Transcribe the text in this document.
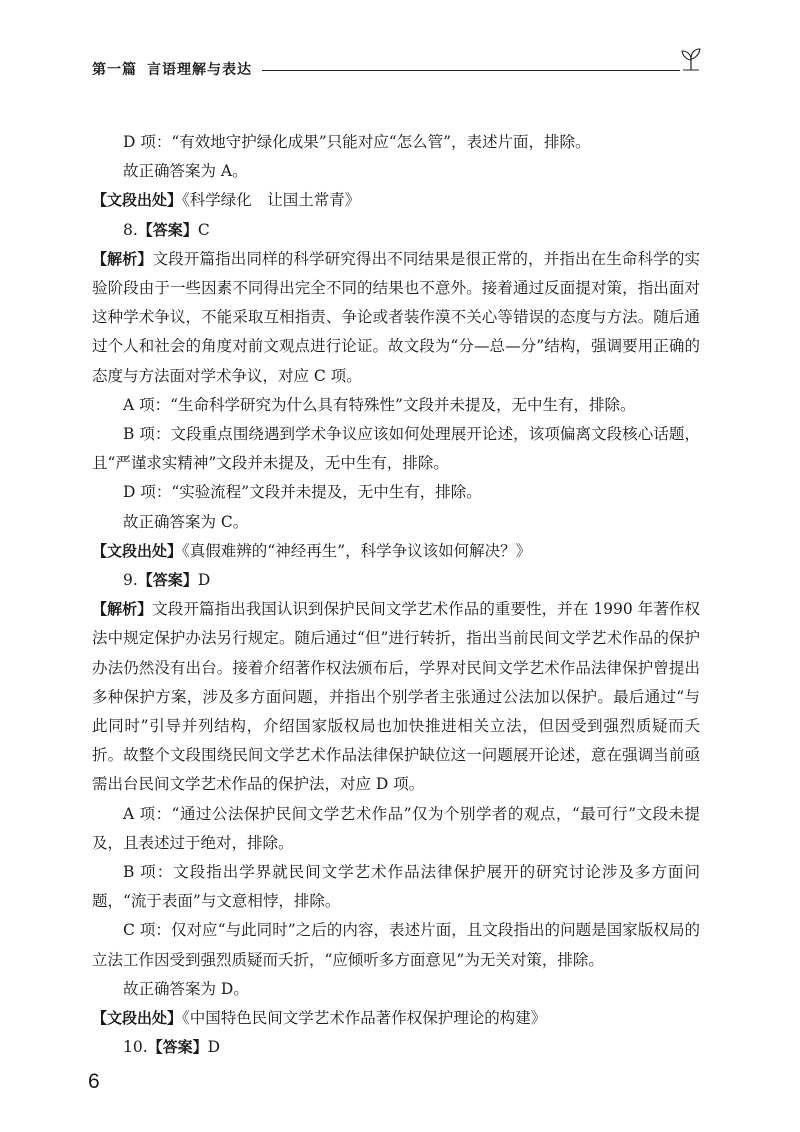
第一篇 言语理解与表达

D 项：“有效地守护绿化成果”只能对应“怎么管”，表述片面，排除。

故正确答案为 A。

【文段出处】《科学绿化　让国土常青》

8.【答案】C

【解析】文段开篇指出同样的科学研究得出不同结果是很正常的，并指出在生命科学的实验阶段由于一些因素不同得出完全不同的结果也不意外。接着通过反面提对策，指出面对这种学术争议，不能采取互相指责、争论或者装作漠不关心等错误的态度与方法。随后通过个人和社会的角度对前文观点进行论证。故文段为“分—总—分”结构，强调要用正确的态度与方法面对学术争议，对应 C 项。

A 项：“生命科学研究为什么具有特殊性”文段并未提及，无中生有，排除。

B 项：文段重点围绕遇到学术争议应该如何处理展开论述，该项偏离文段核心话题，且“严谨求实精神”文段并未提及，无中生有，排除。

D 项：“实验流程”文段并未提及，无中生有，排除。

故正确答案为 C。

【文段出处】《真假难辨的“神经再生”，科学争议该如何解决？》

9.【答案】D

【解析】文段开篇指出我国认识到保护民间文学艺术作品的重要性，并在 1990 年著作权法中规定保护办法另行规定。随后通过“但”进行转折，指出当前民间文学艺术作品的保护办法仍然没有出台。接着介绍著作权法颁布后，学界对民间文学艺术作品法律保护曾提出多种保护方案，涉及多方面问题，并指出个别学者主张通过公法加以保护。最后通过“与此同时”引导并列结构，介绍国家版权局也加快推进相关立法，但因受到强烈质疑而夭折。故整个文段围绕民间文学艺术作品法律保护缺位这一问题展开论述，意在强调当前亟需出台民间文学艺术作品的保护法，对应 D 项。

A 项：“通过公法保护民间文学艺术作品”仅为个别学者的观点，“最可行”文段未提及，且表述过于绝对，排除。

B 项：文段指出学界就民间文学艺术作品法律保护展开的研究讨论涉及多方面问题，“流于表面”与文意相悖，排除。

C 项：仅对应“与此同时”之后的内容，表述片面，且文段指出的问题是国家版权局的立法工作因受到强烈质疑而夭折，“应倾听多方面意见”为无关对策，排除。

故正确答案为 D。

【文段出处】《中国特色民间文学艺术作品著作权保护理论的构建》

10.【答案】D

6
